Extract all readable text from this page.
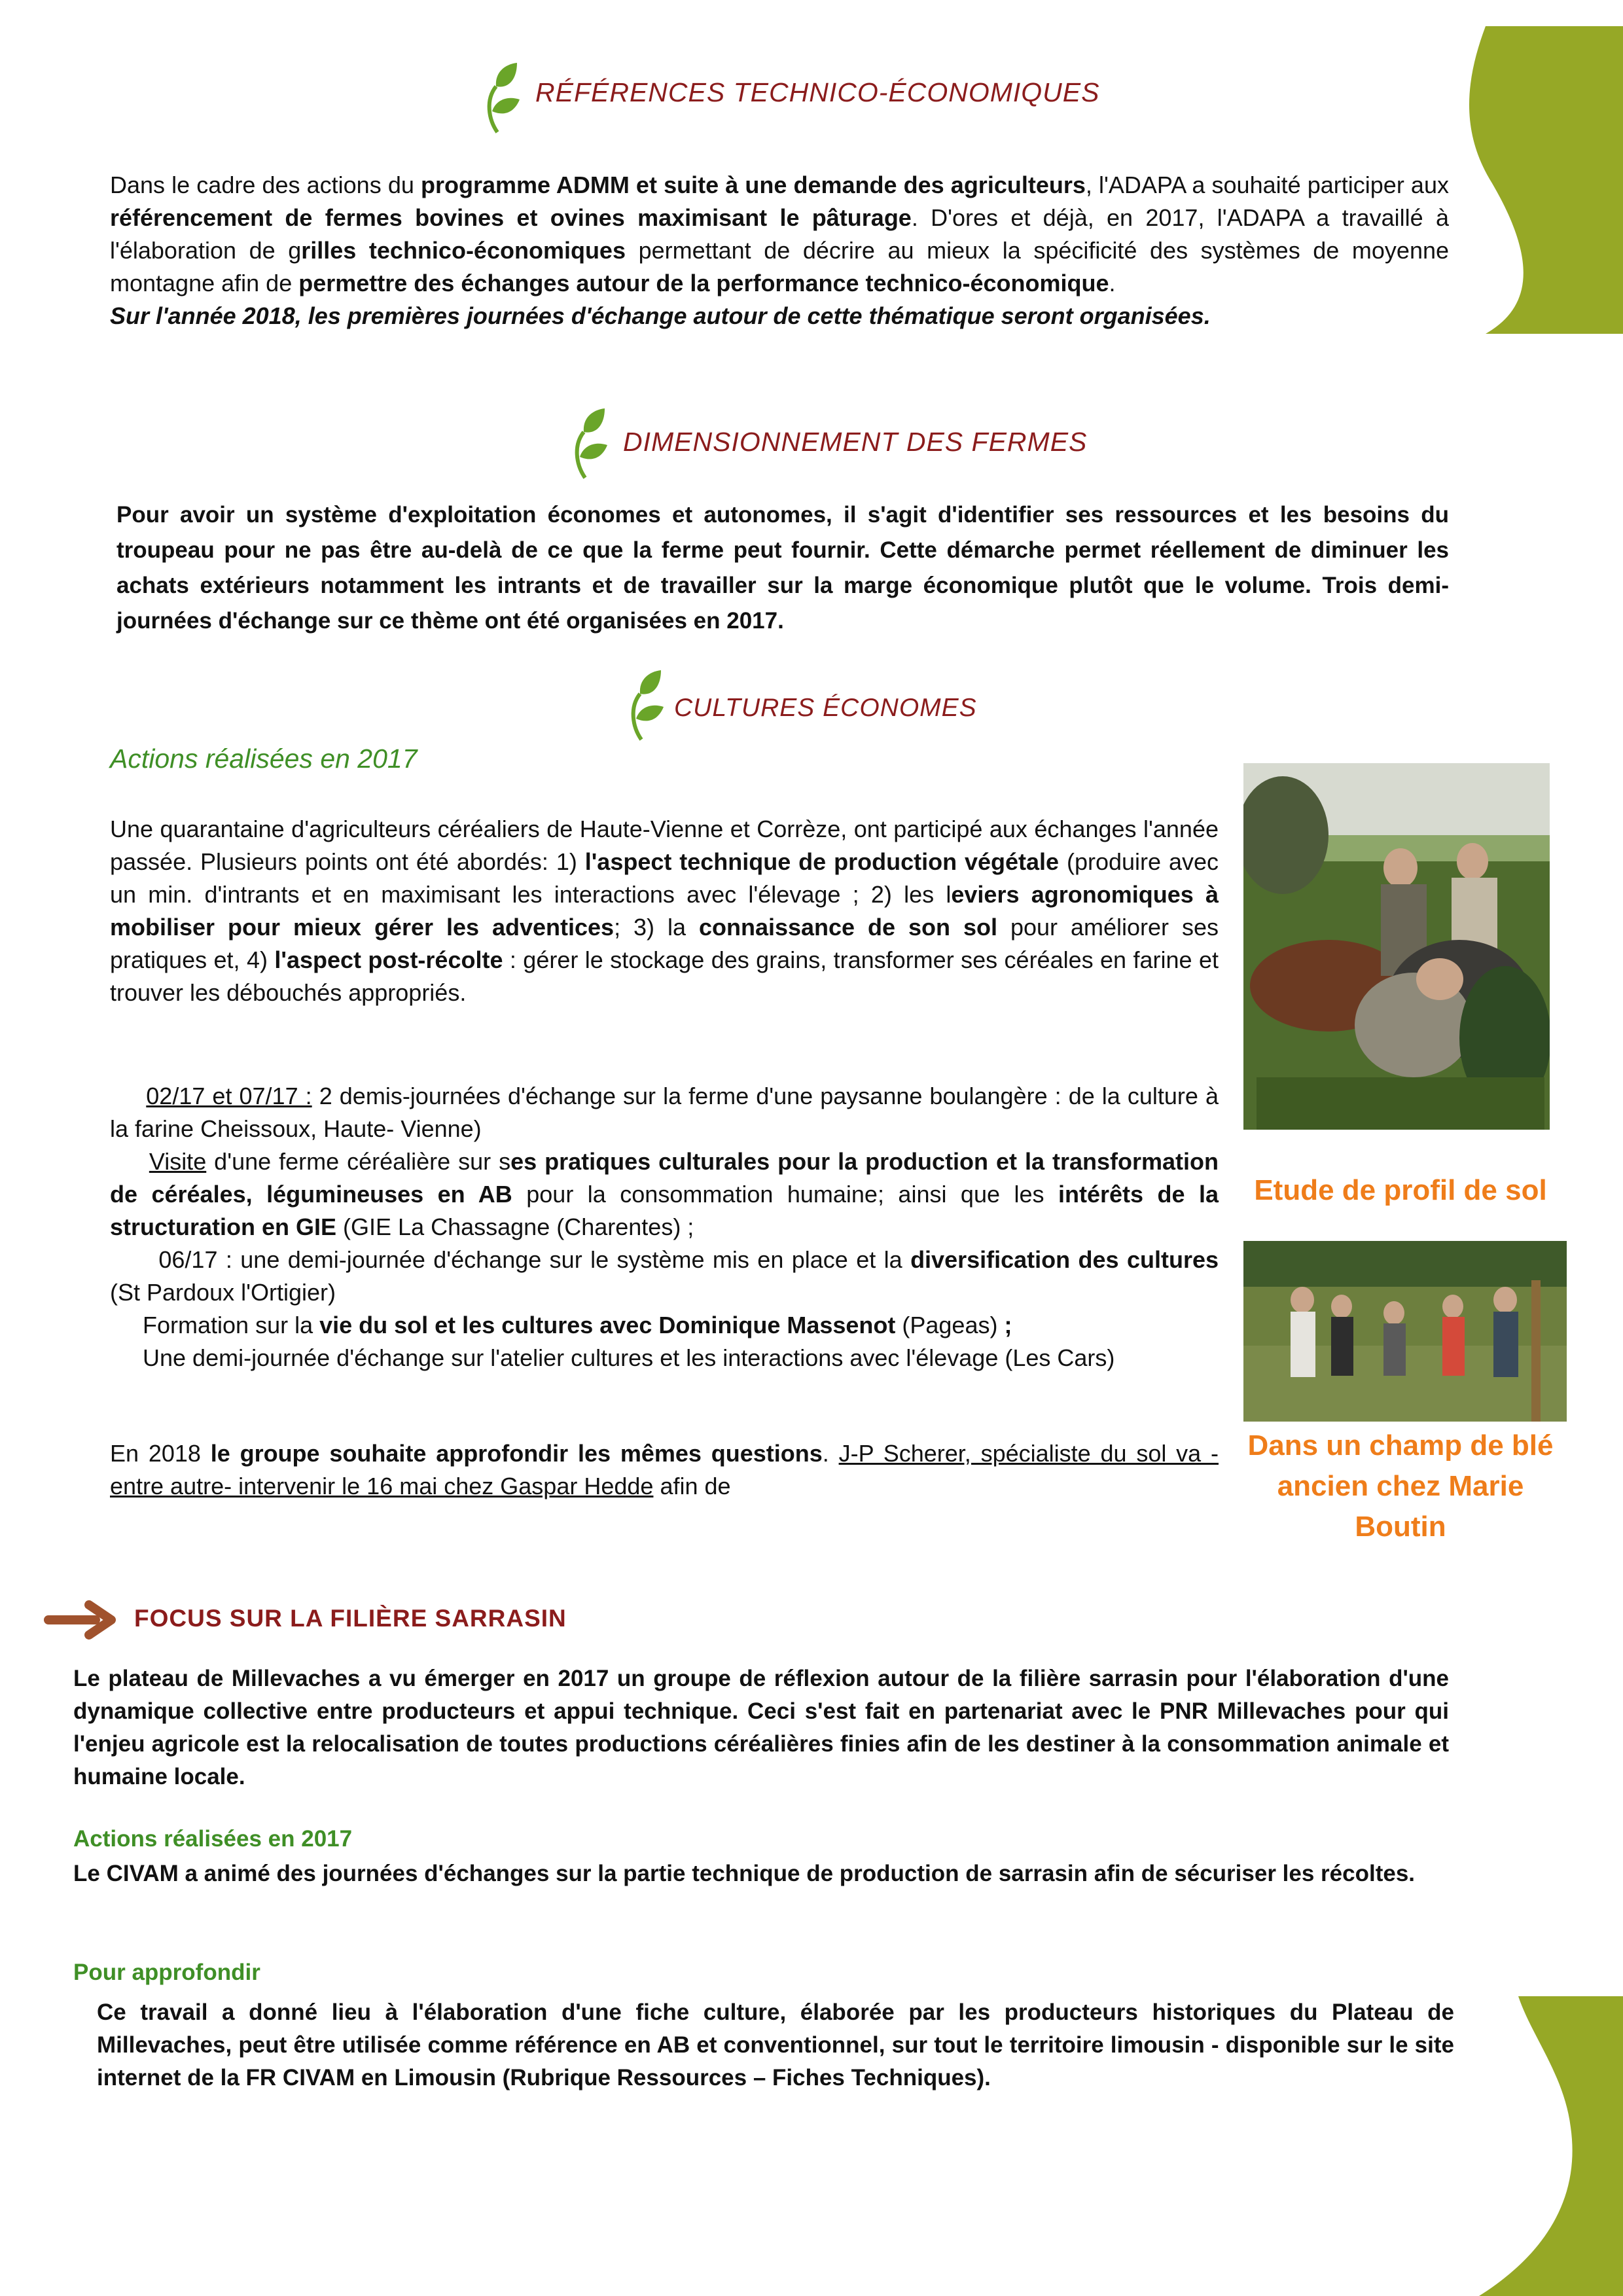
RÉFÉRENCES TECHNICO-ÉCONOMIQUES
Dans le cadre des actions du programme ADMM et suite à une demande des agriculteurs, l'ADAPA a souhaité participer aux référencement de fermes bovines et ovines maximisant le pâturage. D'ores et déjà, en 2017, l'ADAPA a travaillé à l'élaboration de grilles technico-économiques permettant de décrire au mieux la spécificité des systèmes de moyenne montagne afin de permettre des échanges autour de la performance technico-économique.
Sur l'année 2018, les premières journées d'échange autour de cette thématique seront organisées.
DIMENSIONNEMENT DES FERMES
Pour avoir un système d'exploitation économes et autonomes, il s'agit d'identifier ses ressources et les besoins du troupeau pour ne pas être au-delà de ce que la ferme peut fournir. Cette démarche permet réellement de diminuer les achats extérieurs notamment les intrants et de travailler sur la marge économique plutôt que le volume. Trois demi- journées d'échange sur ce thème ont été organisées en 2017.
CULTURES ÉCONOMES
Actions réalisées en 2017
Une quarantaine d'agriculteurs céréaliers de Haute-Vienne et Corrèze, ont participé aux échanges l'année passée. Plusieurs points ont été abordés: 1) l'aspect technique de production végétale (produire avec un min. d'intrants et en maximisant les interactions avec l'élevage ; 2) les leviers agronomiques à mobiliser pour mieux gérer les adventices; 3) la connaissance de son sol pour améliorer ses pratiques et, 4) l'aspect post-récolte : gérer le stockage des grains, transformer ses céréales en farine et trouver les débouchés appropriés.
02/17 et 07/17 : 2 demis-journées d'échange sur la ferme d'une paysanne boulangère : de la culture à la farine Cheissoux, Haute- Vienne)
Visite d'une ferme céréalière sur ses pratiques culturales pour la production et la transformation de céréales, légumineuses en AB pour la consommation humaine; ainsi que les intérêts de la structuration en GIE (GIE La Chassagne (Charentes) ;
06/17 : une demi-journée d'échange sur le système mis en place et la diversification des cultures (St Pardoux l'Ortigier)
Formation sur la vie du sol et les cultures avec Dominique Massenot (Pageas) ;
Une demi-journée d'échange sur l'atelier cultures et les interactions avec l'élevage (Les Cars)
En 2018 le groupe souhaite approfondir les mêmes questions. J-P Scherer, spécialiste du sol va -entre autre- intervenir le 16 mai chez Gaspar Hedde afin de
Etude de profil de sol
Dans un champ de blé ancien chez Marie Boutin
FOCUS SUR LA FILIÈRE SARRASIN
Le plateau de Millevaches a vu émerger en 2017 un groupe de réflexion autour de la filière sarrasin pour l'élaboration d'une dynamique collective entre producteurs et appui technique. Ceci s'est fait en partenariat avec le PNR Millevaches pour qui l'enjeu agricole est la relocalisation de toutes productions céréalières finies afin de les destiner à la consommation animale et humaine locale.
Actions réalisées en 2017
Le CIVAM a animé des journées d'échanges sur la partie technique de production de sarrasin afin de sécuriser les récoltes.
Pour approfondir
Ce travail a donné lieu à l'élaboration d'une fiche culture, élaborée par les producteurs historiques du Plateau de Millevaches, peut être utilisée comme référence en AB et conventionnel, sur tout le territoire limousin - disponible sur le site internet de la FR CIVAM en Limousin (Rubrique Ressources – Fiches Techniques).
